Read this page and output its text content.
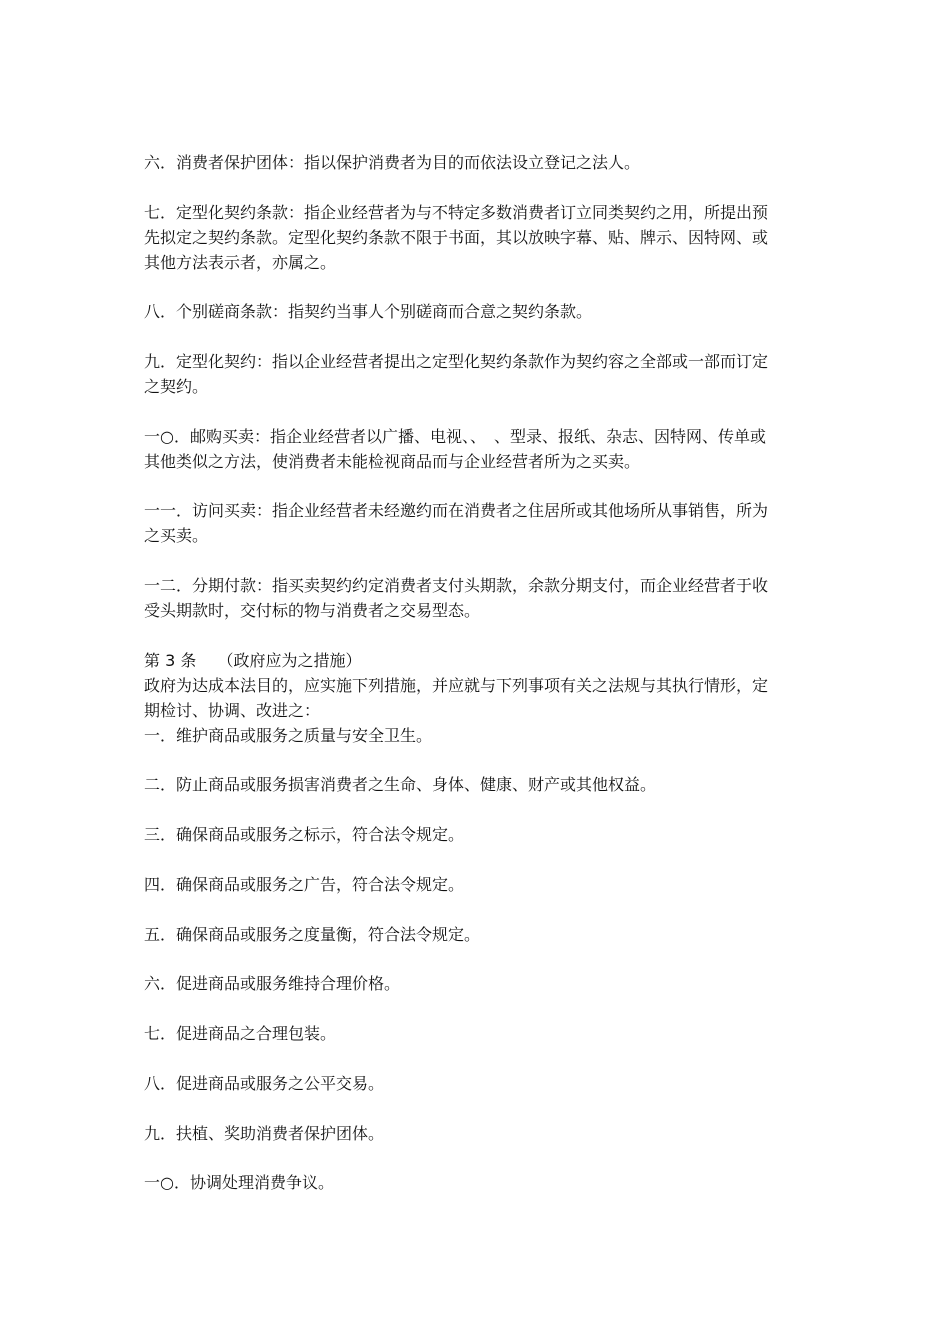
六．消费者保护团体：指以保护消费者为目的而依法设立登记之法人。

七．定型化契约条款：指企业经营者为与不特定多数消费者订立同类契约之用，所提出预
先拟定之契约条款。定型化契约条款不限于书面，其以放映字幕、贴、牌示、因特网、或
其他方法表示者，亦属之。

八．个别磋商条款：指契约当事人个别磋商而合意之契约条款。

九．定型化契约：指以企业经营者提出之定型化契约条款作为契约容之全部或一部而订定
之契约。

一○．邮购买卖：指企业经营者以广播、电视、、　、型录、报纸、杂志、因特网、传单或
其他类似之方法，使消费者未能检视商品而与企业经营者所为之买卖。

一一．访问买卖：指企业经营者未经邀约而在消费者之住居所或其他场所从事销售，所为
之买卖。

一二．分期付款：指买卖契约约定消费者支付头期款，余款分期支付，而企业经营者于收
受头期款时，交付标的物与消费者之交易型态。

第 3 条　 （政府应为之措施）
政府为达成本法目的，应实施下列措施，并应就与下列事项有关之法规与其执行情形，定
期检讨、协调、改进之：
一．维护商品或服务之质量与安全卫生。

二．防止商品或服务损害消费者之生命、身体、健康、财产或其他权益。

三．确保商品或服务之标示，符合法令规定。

四．确保商品或服务之广告，符合法令规定。

五．确保商品或服务之度量衡，符合法令规定。

六．促进商品或服务维持合理价格。

七．促进商品之合理包装。

八．促进商品或服务之公平交易。

九．扶植、奖助消费者保护团体。

一○．协调处理消费争议。
